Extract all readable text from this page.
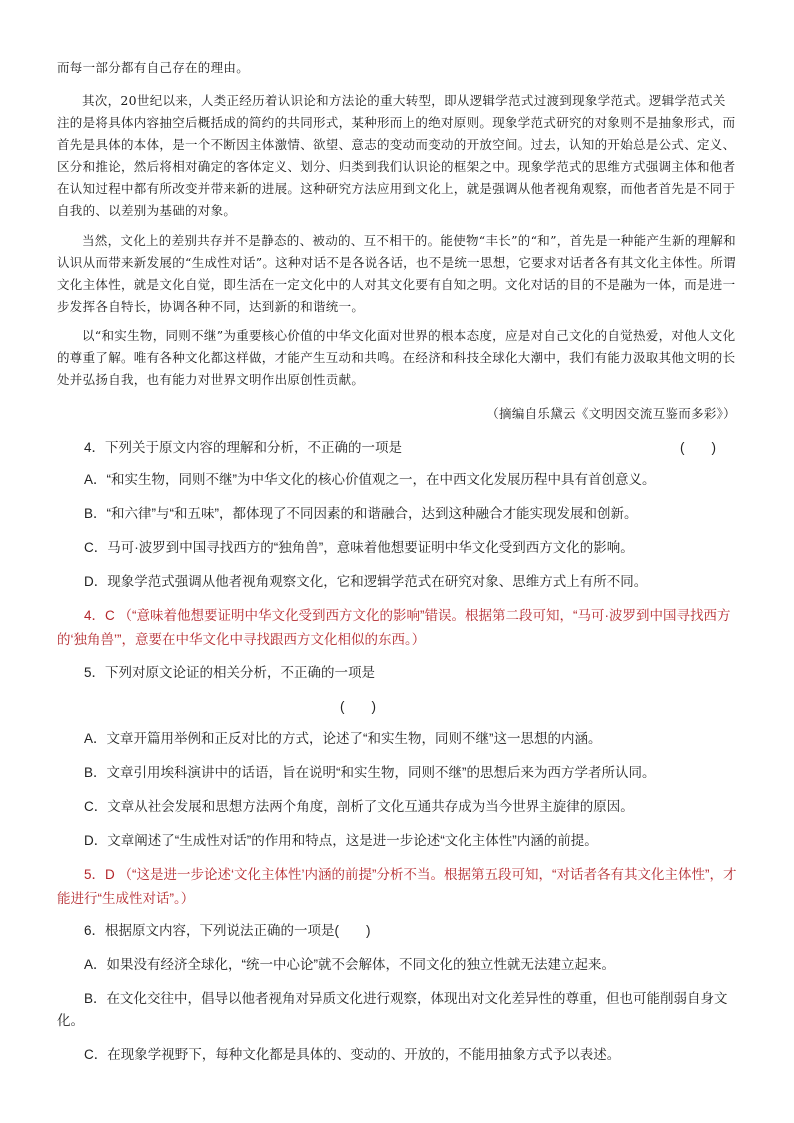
而每一部分都有自己存在的理由。

其次，20世纪以来，人类正经历着认识论和方法论的重大转型，即从逻辑学范式过渡到现象学范式。逻辑学范式关注的是将具体内容抽空后概括成的简约的共同形式，某种形而上的绝对原则。现象学范式研究的对象则不是抽象形式，而首先是具体的本体，是一个不断因主体激情、欲望、意志的变动而变动的开放空间。过去，认知的开始总是公式、定义、区分和推论，然后将相对确定的客体定义、划分、归类到我们认识论的框架之中。现象学范式的思维方式强调主体和他者在认知过程中都有所改变并带来新的进展。这种研究方法应用到文化上，就是强调从他者视角观察，而他者首先是不同于自我的、以差别为基础的对象。

当然，文化上的差别共存并不是静态的、被动的、互不相干的。能使物“丰长”的“和”，首先是一种能产生新的理解和认识从而带来新发展的“生成性对话”。这种对话不是各说各话，也不是统一思想，它要求对话者各有其文化主体性。所谓文化主体性，就是文化自觉，即生活在一定文化中的人对其文化要有自知之明。文化对话的目的不是融为一体，而是进一步发挥各自特长，协调各种不同，达到新的和谐统一。

以“和实生物，同则不继”为重要核心价值的中华文化面对世界的根本态度，应是对自己文化的自觉热爱，对他人文化的尊重了解。唯有各种文化都这样做，才能产生互动和共鸣。在经济和科技全球化大潮中，我们有能力汲取其他文明的长处并弘扬自我，也有能力对世界文明作出原创性贡献。

（摘编自乐黛云《文明因交流互鉴而多彩》）

4．下列关于原文内容的理解和分析，不正确的一项是	(　　)

A．“和实生物，同则不继”为中华文化的核心价值观之一，在中西文化发展历程中具有首创意义。

B．“和六律”与“和五味”，都体现了不同因素的和谐融合，达到这种融合才能实现发展和创新。

C．马可·波罗到中国寻找西方的“独角兽”，意味着他想要证明中华文化受到西方文化的影响。

D．现象学范式强调从他者视角观察文化，它和逻辑学范式在研究对象、思维方式上有所不同。

4．C （“意味着他想要证明中华文化受到西方文化的影响”错误。根据第二段可知，“马可·波罗到中国寻找西方的‘独角兽’”，意要在中华文化中寻找跟西方文化相似的东西。）

5．下列对原文论证的相关分析，不正确的一项是

(　　)

A．文章开篇用举例和正反对比的方式，论述了“和实生物，同则不继”这一思想的内涵。

B．文章引用埃科演讲中的话语，旨在说明“和实生物，同则不继”的思想后来为西方学者所认同。

C．文章从社会发展和思想方法两个角度，剖析了文化互通共存成为当今世界主旋律的原因。

D．文章阐述了“生成性对话”的作用和特点，这是进一步论述“文化主体性”内涵的前提。

5．D （“这是进一步论述‘文化主体性’内涵的前提”分析不当。根据第五段可知，“对话者各有其文化主体性”，才能进行“生成性对话”。）

6．根据原文内容，下列说法正确的一项是(　　)

A．如果没有经济全球化，“统一中心论”就不会解体，不同文化的独立性就无法建立起来。

B．在文化交往中，倡导以他者视角对异质文化进行观察，体现出对文化差异性的尊重，但也可能削弱自身文化。

C．在现象学视野下，每种文化都是具体的、变动的、开放的，不能用抽象方式予以表述。
